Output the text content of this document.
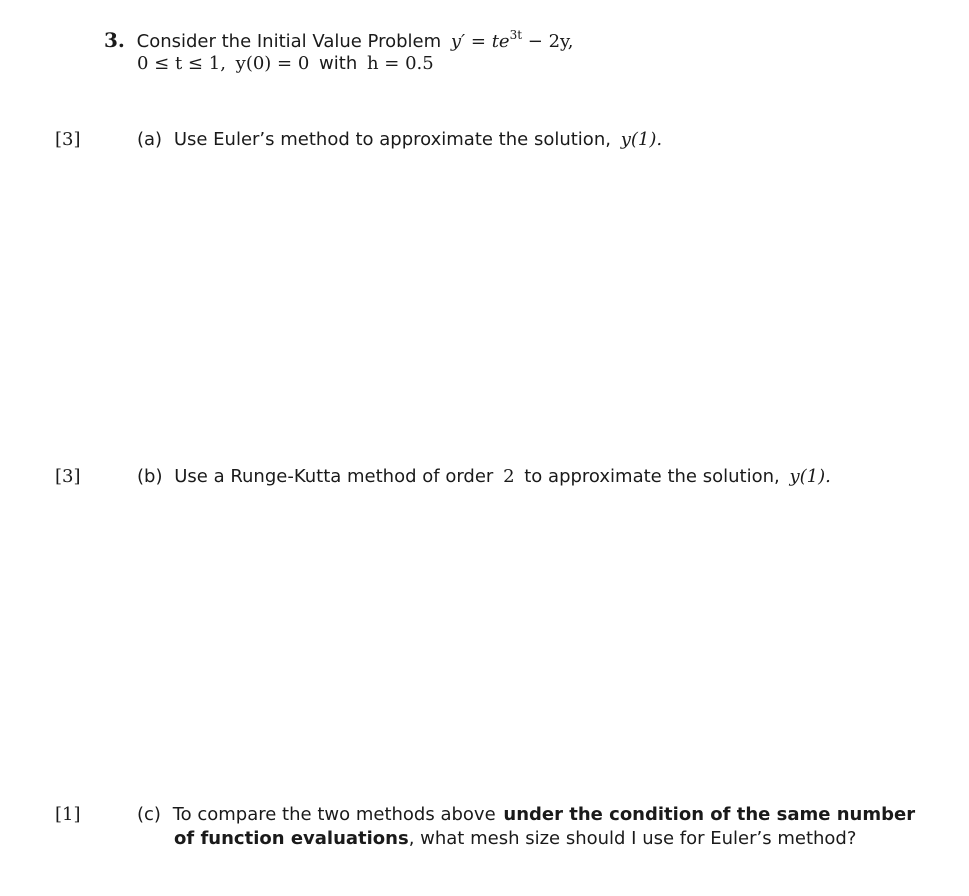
3. Consider the Initial Value Problem $y' = te^{3t} - 2y$,
0 ≤ t ≤ 1, y(0) = 0 with h = 0.5
[3]	(a) Use Euler’s method to approximate the solution, y(1).
[3]	(b) Use a Runge-Kutta method of order 2 to approximate the solution, y(1).
[1]	(c) To compare the two methods above under the condition of the same number
of function evaluations, what mesh size should I use for Euler’s method?
